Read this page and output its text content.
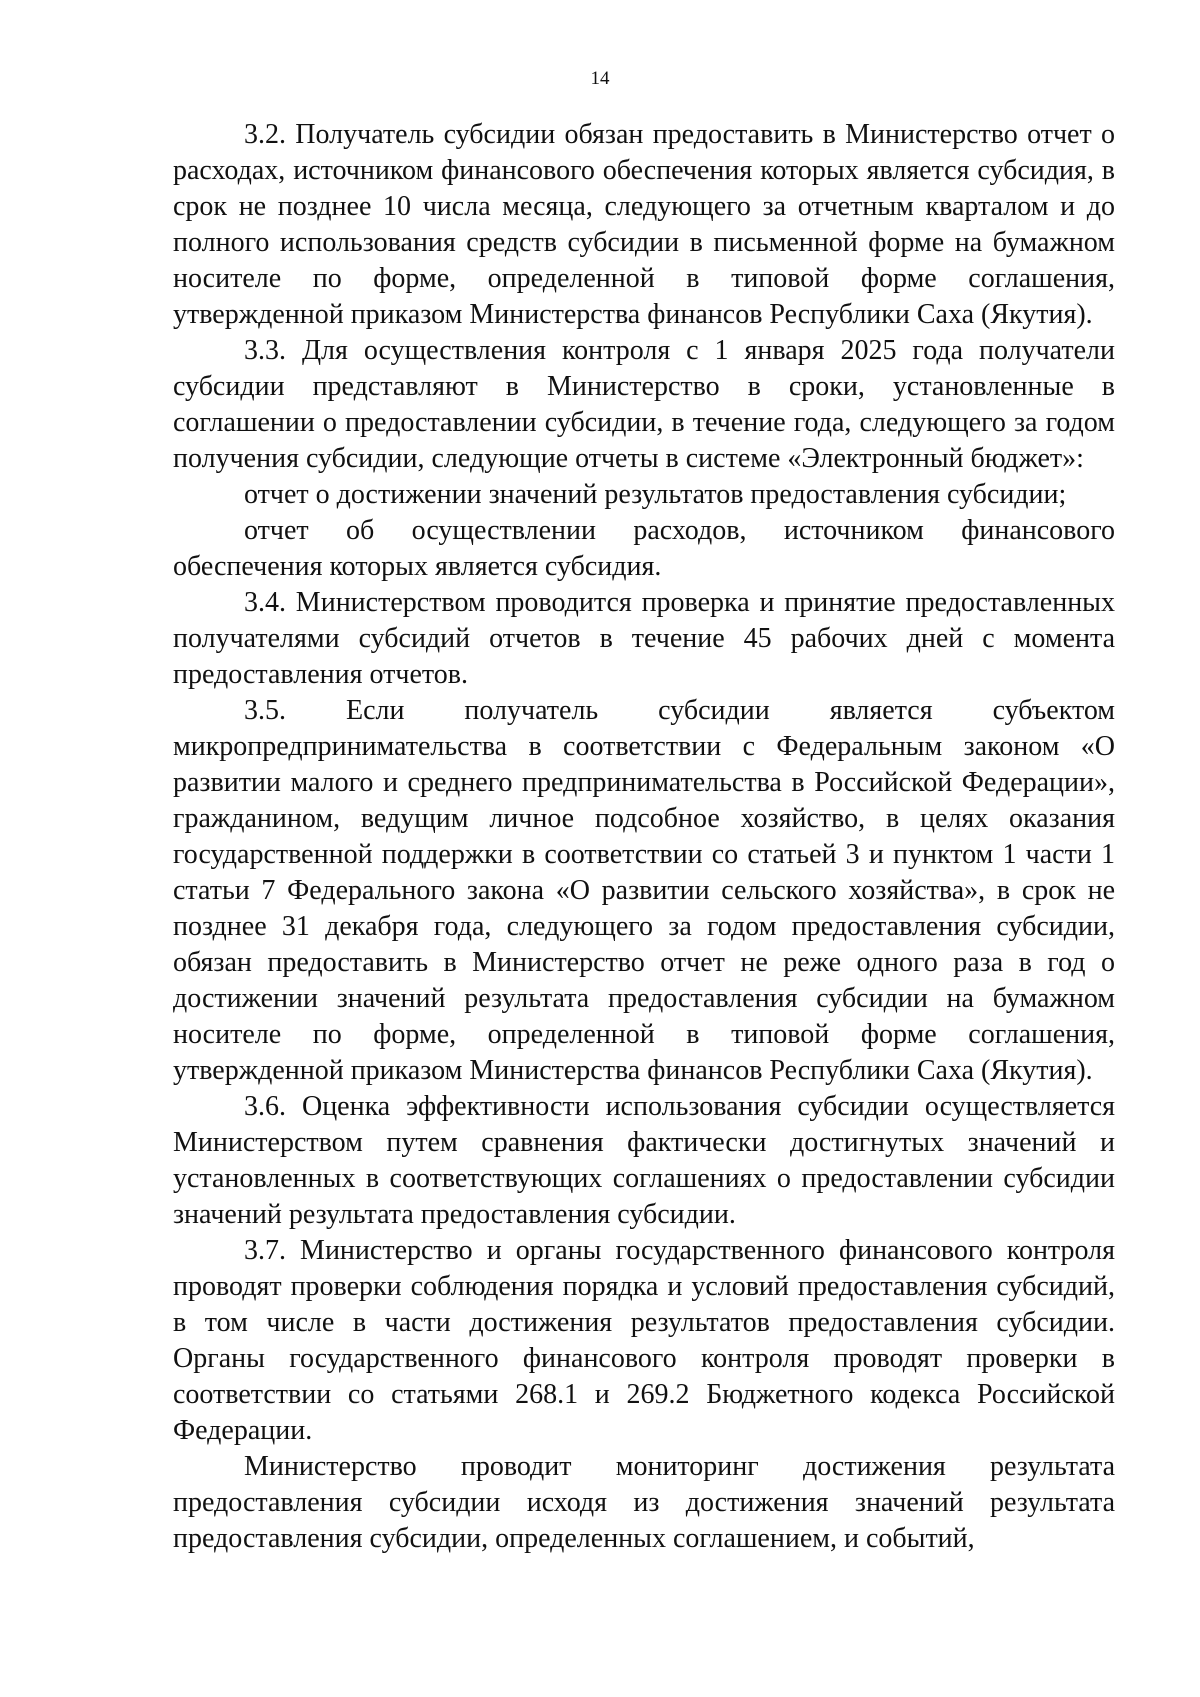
14

3.2. Получатель субсидии обязан предоставить в Министерство отчет о расходах, источником финансового обеспечения которых является субсидия, в срок не позднее 10 числа месяца, следующего за отчетным кварталом и до полного использования средств субсидии в письменной форме на бумажном носителе по форме, определенной в типовой форме соглашения, утвержденной приказом Министерства финансов Республики Саха (Якутия).

3.3. Для осуществления контроля с 1 января 2025 года получатели субсидии представляют в Министерство в сроки, установленные в соглашении о предоставлении субсидии, в течение года, следующего за годом получения субсидии, следующие отчеты в системе «Электронный бюджет»:

отчет о достижении значений результатов предоставления субсидии;

отчет об осуществлении расходов, источником финансового обеспечения которых является субсидия.

3.4. Министерством проводится проверка и принятие предоставленных получателями субсидий отчетов в течение 45 рабочих дней с момента предоставления отчетов.

3.5. Если получатель субсидии является субъектом микропредпринимательства в соответствии с Федеральным законом «О развитии малого и среднего предпринимательства в Российской Федерации», гражданином, ведущим личное подсобное хозяйство, в целях оказания государственной поддержки в соответствии со статьей 3 и пунктом 1 части 1 статьи 7 Федерального закона «О развитии сельского хозяйства», в срок не позднее 31 декабря года, следующего за годом предоставления субсидии, обязан предоставить в Министерство отчет не реже одного раза в год о достижении значений результата предоставления субсидии на бумажном носителе по форме, определенной в типовой форме соглашения, утвержденной приказом Министерства финансов Республики Саха (Якутия).

3.6. Оценка эффективности использования субсидии осуществляется Министерством путем сравнения фактически достигнутых значений и установленных в соответствующих соглашениях о предоставлении субсидии значений результата предоставления субсидии.

3.7. Министерство и органы государственного финансового контроля проводят проверки соблюдения порядка и условий предоставления субсидий, в том числе в части достижения результатов предоставления субсидии. Органы государственного финансового контроля проводят проверки в соответствии со статьями 268.1 и 269.2 Бюджетного кодекса Российской Федерации.

Министерство проводит мониторинг достижения результата предоставления субсидии исходя из достижения значений результата предоставления субсидии, определенных соглашением, и событий,
